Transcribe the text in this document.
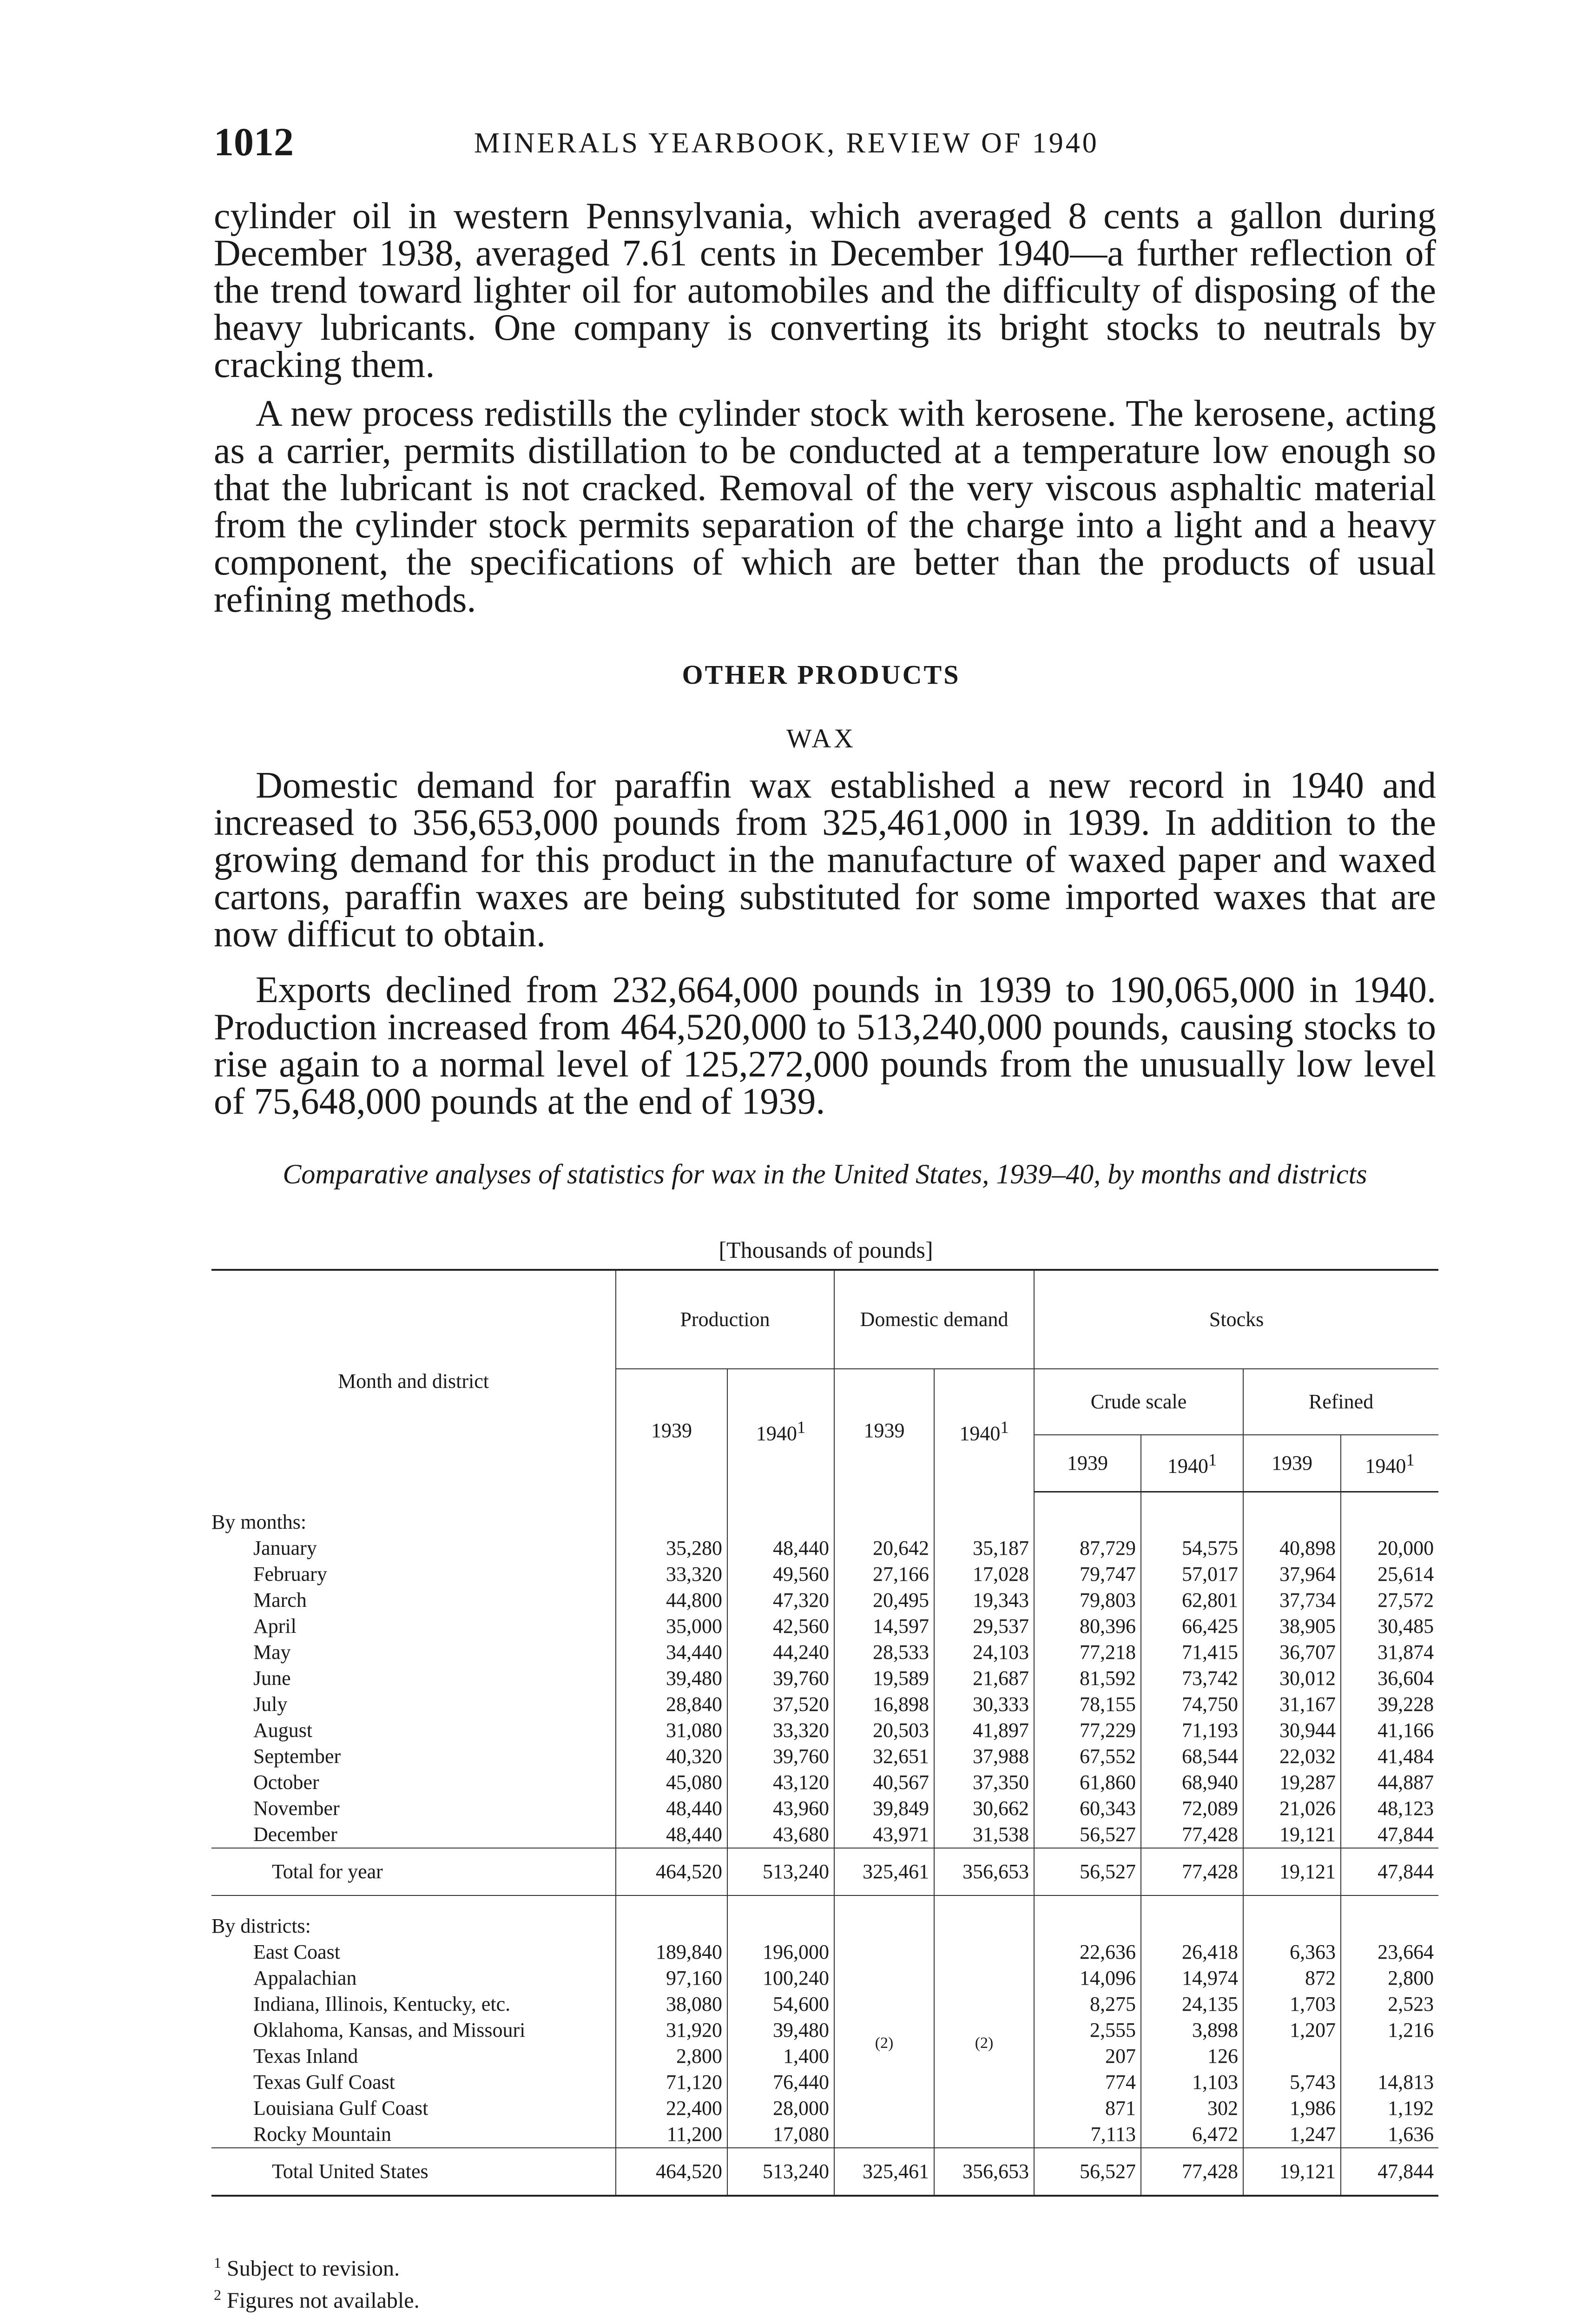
1012	MINERALS YEARBOOK, REVIEW OF 1940

cylinder oil in western Pennsylvania, which averaged 8 cents a gallon during December 1938, averaged 7.61 cents in December 1940—a further reflection of the trend toward lighter oil for automobiles and the difficulty of disposing of the heavy lubricants. One company is converting its bright stocks to neutrals by cracking them.

A new process redistills the cylinder stock with kerosene. The kerosene, acting as a carrier, permits distillation to be conducted at a temperature low enough so that the lubricant is not cracked. Removal of the very viscous asphaltic material from the cylinder stock permits separation of the charge into a light and a heavy component, the specifications of which are better than the products of usual refining methods.

OTHER PRODUCTS
WAX

Domestic demand for paraffin wax established a new record in 1940 and increased to 356,653,000 pounds from 325,461,000 in 1939. In addition to the growing demand for this product in the manufacture of waxed paper and waxed cartons, paraffin waxes are being substituted for some imported waxes that are now difficut to obtain.

Exports declined from 232,664,000 pounds in 1939 to 190,065,000 in 1940. Production increased from 464,520,000 to 513,240,000 pounds, causing stocks to rise again to a normal level of 125,272,000 pounds from the unusually low level of 75,648,000 pounds at the end of 1939.

Comparative analyses of statistics for wax in the United States, 1939–40, by months and districts

[Thousands of pounds]
Month and district	Production		Domestic demand		Stocks			
	1939	1940$^1$	1939	1940$^1$	Crude scale		Refined	
					1939	1940$^1$	1939	1940$^1$
By months:								
January	35,280	48,440	20,642	35,187	87,729	54,575	40,898	20,000
February	33,320	49,560	27,166	17,028	79,747	57,017	37,964	25,614
March	44,800	47,320	20,495	19,343	79,803	62,801	37,734	27,572
April	35,000	42,560	14,597	29,537	80,396	66,425	38,905	30,485
May	34,440	44,240	28,533	24,103	77,218	71,415	36,707	31,874
June	39,480	39,760	19,589	21,687	81,592	73,742	30,012	36,604
July	28,840	37,520	16,898	30,333	78,155	74,750	31,167	39,228
August	31,080	33,320	20,503	41,897	77,229	71,193	30,944	41,166
September	40,320	39,760	32,651	37,988	67,552	68,544	22,032	41,484
October	45,080	43,120	40,567	37,350	61,860	68,940	19,287	44,887
November	48,440	43,960	39,849	30,662	60,343	72,089	21,026	48,123
December	48,440	43,680	43,971	31,538	56,527	77,428	19,121	47,844
Total for year	464,520	513,240	325,461	356,653	56,527	77,428	19,121	47,844
By districts:								
East Coast	189,840	196,000	(2)	(2)	22,636	26,418	6,363	23,664
Appalachian	97,160	100,240			14,096	14,974	872	2,800
Indiana, Illinois, Kentucky, etc.	38,080	54,600			8,275	24,135	1,703	2,523
Oklahoma, Kansas, and Missouri	31,920	39,480			2,555	3,898	1,207	1,216
Texas Inland	2,800	1,400			207	126		
Texas Gulf Coast	71,120	76,440			774	1,103	5,743	14,813
Louisiana Gulf Coast	22,400	28,000			871	302	1,986	1,192
Rocky Mountain	11,200	17,080			7,113	6,472	1,247	1,636
Total United States	464,520	513,240	325,461	356,653	56,527	77,428	19,121	47,844
$^1$ Subject to revision.
$^2$ Figures not available.
